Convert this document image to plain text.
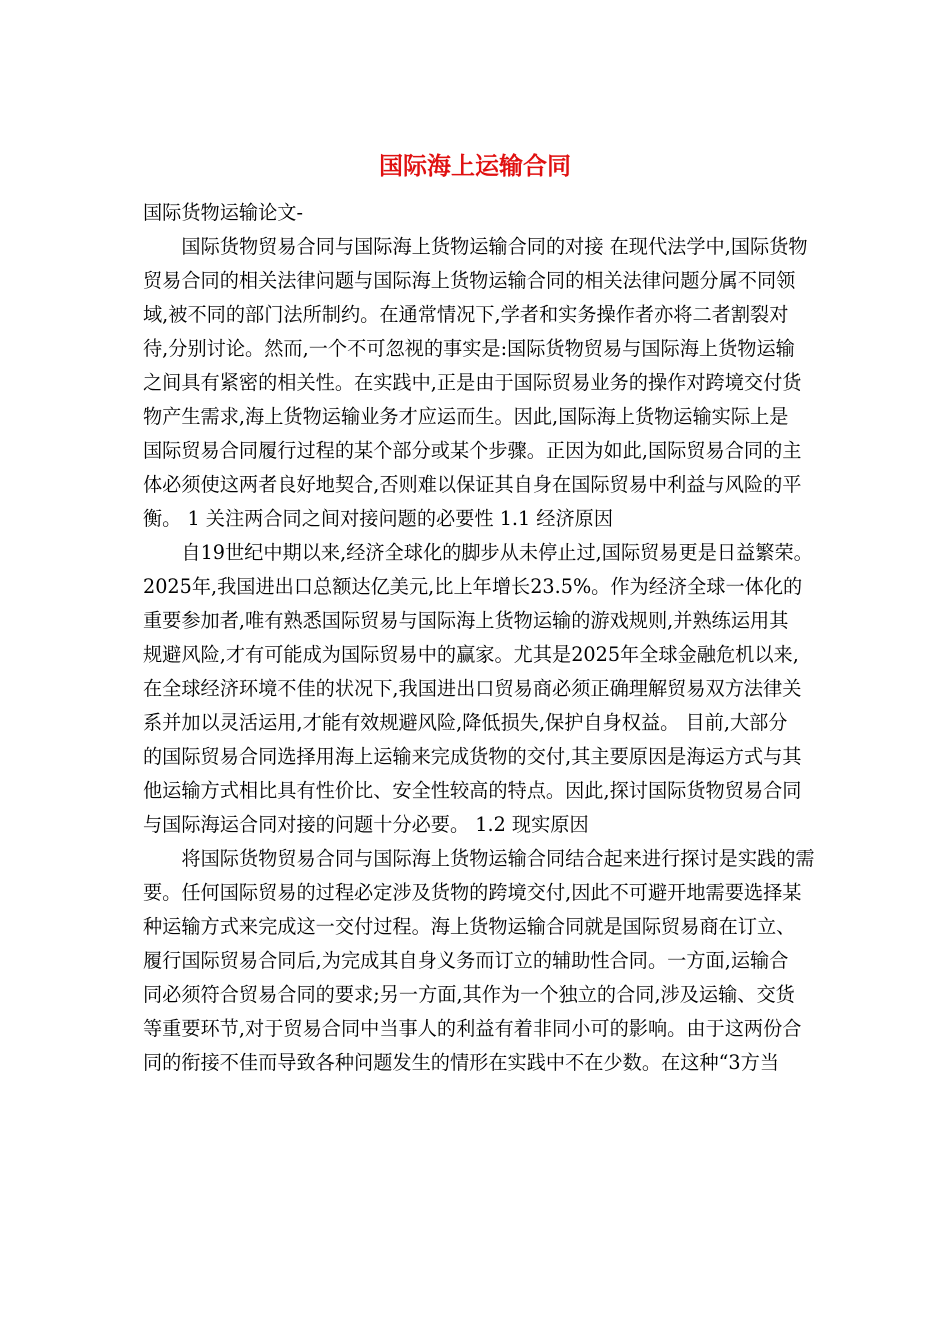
国际海上运输合同

国际货物运输论文-

国际货物贸易合同与国际海上货物运输合同的对接 在现代法学中,国际货物
贸易合同的相关法律问题与国际海上货物运输合同的相关法律问题分属不同领
域,被不同的部门法所制约。在通常情况下,学者和实务操作者亦将二者割裂对
待,分别讨论。然而,一个不可忽视的事实是:国际货物贸易与国际海上货物运输
之间具有紧密的相关性。在实践中,正是由于国际贸易业务的操作对跨境交付货
物产生需求,海上货物运输业务才应运而生。因此,国际海上货物运输实际上是
国际贸易合同履行过程的某个部分或某个步骤。正因为如此,国际贸易合同的主
体必须使这两者良好地契合,否则难以保证其自身在国际贸易中利益与风险的平
衡。 1 关注两合同之间对接问题的必要性 1.1 经济原因

自19世纪中期以来,经济全球化的脚步从未停止过,国际贸易更是日益繁荣。
2025年,我国进出口总额达亿美元,比上年增长23.5%。作为经济全球一体化的
重要参加者,唯有熟悉国际贸易与国际海上货物运输的游戏规则,并熟练运用其
规避风险,才有可能成为国际贸易中的赢家。尤其是2025年全球金融危机以来,
在全球经济环境不佳的状况下,我国进出口贸易商必须正确理解贸易双方法律关
系并加以灵活运用,才能有效规避风险,降低损失,保护自身权益。 目前,大部分
的国际贸易合同选择用海上运输来完成货物的交付,其主要原因是海运方式与其
他运输方式相比具有性价比、安全性较高的特点。因此,探讨国际货物贸易合同
与国际海运合同对接的问题十分必要。 1.2 现实原因

将国际货物贸易合同与国际海上货物运输合同结合起来进行探讨是实践的需
要。任何国际贸易的过程必定涉及货物的跨境交付,因此不可避开地需要选择某
种运输方式来完成这一交付过程。海上货物运输合同就是国际贸易商在订立、
履行国际贸易合同后,为完成其自身义务而订立的辅助性合同。一方面,运输合
同必须符合贸易合同的要求;另一方面,其作为一个独立的合同,涉及运输、交货
等重要环节,对于贸易合同中当事人的利益有着非同小可的影响。由于这两份合
同的衔接不佳而导致各种问题发生的情形在实践中不在少数。在这种“3方当
